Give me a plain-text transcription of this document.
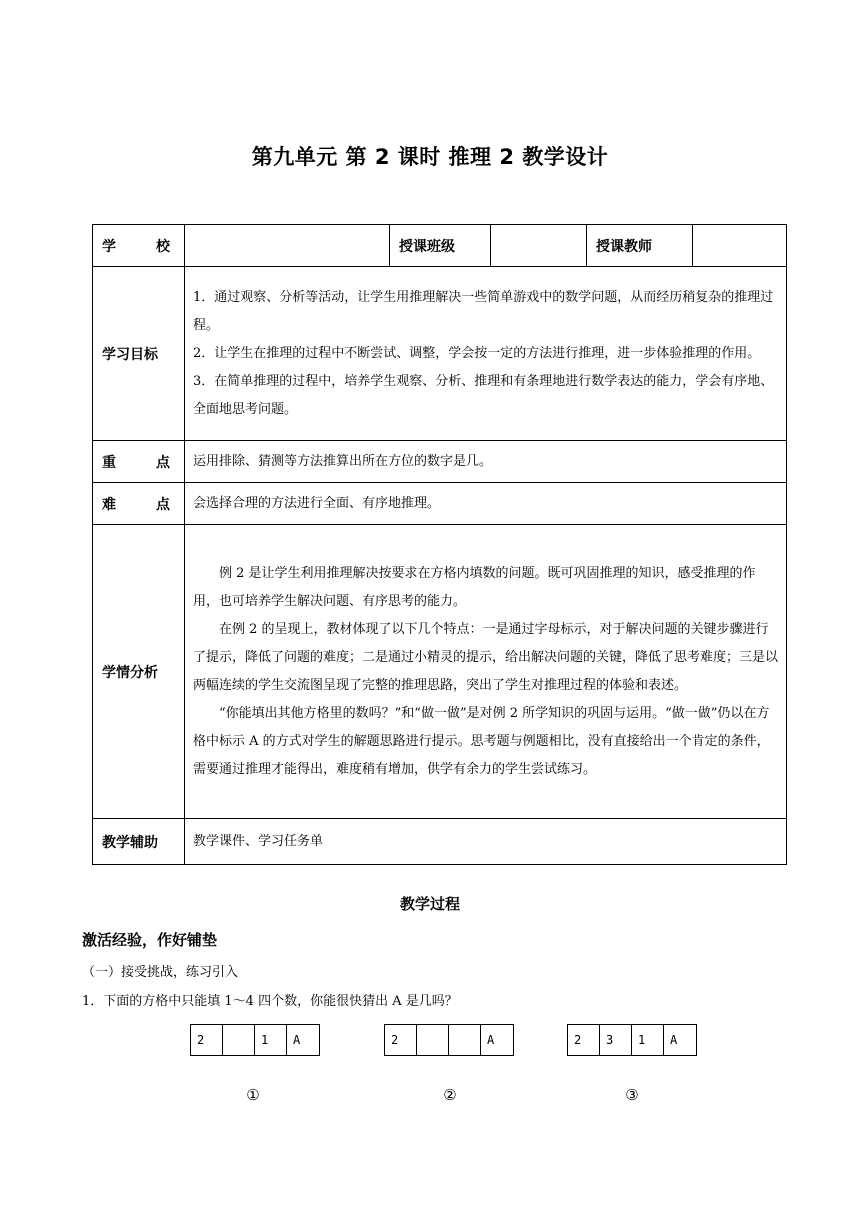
第九单元 第 2 课时 推理 2 教学设计
学　　校		授课班级		授课教师	
学习目标	1．通过观察、分析等活动，让学生用推理解决一些简单游戏中的数学问题，从而经历稍复杂的推理过程。

2．让学生在推理的过程中不断尝试、调整，学会按一定的方法进行推理，进一步体验推理的作用。

3．在简单推理的过程中，培养学生观察、分析、推理和有条理地进行数学表达的能力，学会有序地、全面地思考问题。				

重　　点	运用排除、猜测等方法推算出所在方位的数字是几。				
难　　点	会选择合理的方法进行全面、有序地推理。				
学情分析	例 2 是让学生利用推理解决按要求在方格内填数的问题。既可巩固推理的知识，感受推理的作用，也可培养学生解决问题、有序思考的能力。

在例 2 的呈现上，教材体现了以下几个特点：一是通过字母标示，对于解决问题的关键步骤进行了提示，降低了问题的难度；二是通过小精灵的提示，给出解决问题的关键，降低了思考难度；三是以两幅连续的学生交流图呈现了完整的推理思路，突出了学生对推理过程的体验和表述。

“你能填出其他方格里的数吗？”和“做一做”是对例 2 所学知识的巩固与运用。“做一做”仍以在方格中标示 A 的方式对学生的解题思路进行提示。思考题与例题相比，没有直接给出一个肯定的条件，需要通过推理才能得出，难度稍有增加，供学有余力的学生尝试练习。				

教学辅助	教学课件、学习任务单				
教学过程
激活经验，作好铺垫
（一）接受挑战，练习引入
1．下面的方格中只能填 1～4 四个数，你能很快猜出 A 是几吗？
2	1	A	2	A	2	3	1	A
①	②	③
